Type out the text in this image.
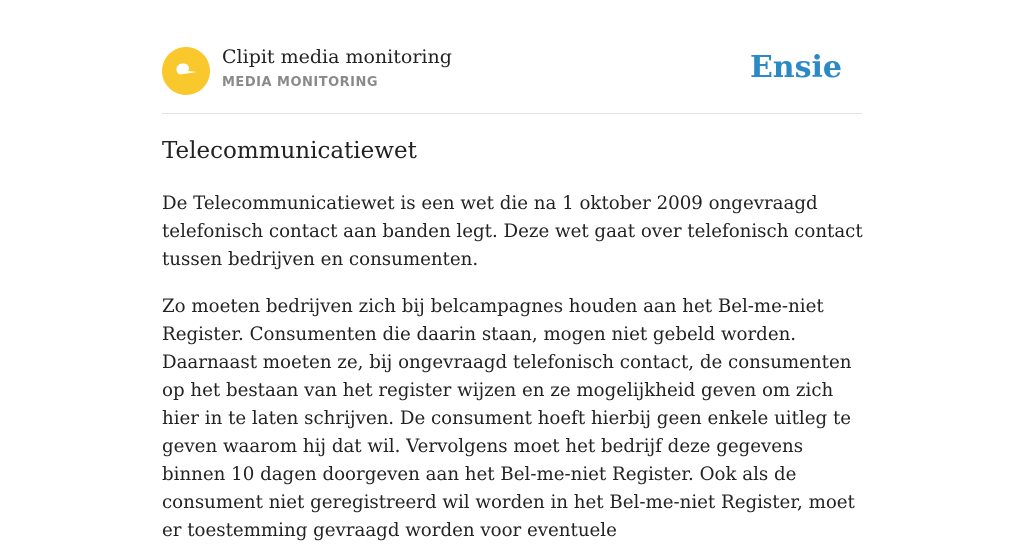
Clipit media monitoring
MEDIA MONITORING	Ensie
Telecommunicatiewet

De Telecommunicatiewet is een wet die na 1 oktober 2009 ongevraagd telefonisch contact aan banden legt. Deze wet gaat over telefonisch contact tussen bedrijven en consumenten.

Zo moeten bedrijven zich bij belcampagnes houden aan het Bel-me-niet Register. Consumenten die daarin staan, mogen niet gebeld worden. Daarnaast moeten ze, bij ongevraagd telefonisch contact, de consumenten op het bestaan van het register wijzen en ze mogelijkheid geven om zich hier in te laten schrijven. De consument hoeft hierbij geen enkele uitleg te geven waarom hij dat wil. Vervolgens moet het bedrijf deze gegevens binnen 10 dagen doorgeven aan het Bel-me-niet Register. Ook als de consument niet geregistreerd wil worden in het Bel-me-niet Register, moet er toestemming gevraagd worden voor eventuele
